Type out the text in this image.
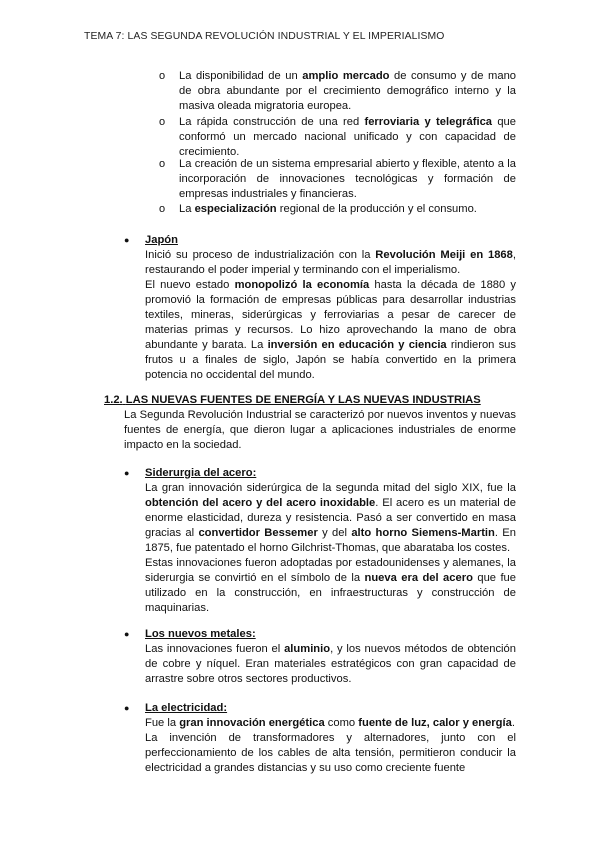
TEMA 7: LAS SEGUNDA REVOLUCIÓN INDUSTRIAL Y EL IMPERIALISMO
o	La disponibilidad de un amplio mercado de consumo y de mano de obra abundante por el crecimiento demográfico interno y la masiva oleada migratoria europea.

o	La rápida construcción de una red ferroviaria y telegráfica que conformó un mercado nacional unificado y con capacidad de crecimiento.

o	La creación de un sistema empresarial abierto y flexible, atento a la incorporación de innovaciones tecnológicas y formación de empresas industriales y financieras.

o	La especialización regional de la producción y el consumo.

●	Japón

Inició su proceso de industrialización con la Revolución Meiji en 1868, restaurando el poder imperial y terminando con el imperialismo.

El nuevo estado monopolizó la economía hasta la década de 1880 y promovió la formación de empresas públicas para desarrollar industrias textiles, mineras, siderúrgicas y ferroviarias a pesar de carecer de materias primas y recursos. Lo hizo aprovechando la mano de obra abundante y barata. La inversión en educación y ciencia rindieron sus frutos u a finales de siglo, Japón se había convertido en la primera potencia no occidental del mundo.

1.2. LAS NUEVAS FUENTES DE ENERGÍA Y LAS NUEVAS INDUSTRIAS

La Segunda Revolución Industrial se caracterizó por nuevos inventos y nuevas fuentes de energía, que dieron lugar a aplicaciones industriales de enorme impacto en la sociedad.

●	Siderurgia del acero:

La gran innovación siderúrgica de la segunda mitad del siglo XIX, fue la obtención del acero y del acero inoxidable. El acero es un material de enorme elasticidad, dureza y resistencia. Pasó a ser convertido en masa gracias al convertidor Bessemer y del alto horno Siemens-Martin. En 1875, fue patentado el horno Gilchrist-Thomas, que abarataba los costes.

Estas innovaciones fueron adoptadas por estadounidenses y alemanes, la siderurgia se convirtió en el símbolo de la nueva era del acero que fue utilizado en la construcción, en infraestructuras y construcción de maquinarias.

●	Los nuevos metales:

Las innovaciones fueron el aluminio, y los nuevos métodos de obtención de cobre y níquel. Eran materiales estratégicos con gran capacidad de arrastre sobre otros sectores productivos.

●	La electricidad:

Fue la gran innovación energética como fuente de luz, calor y energía.

La invención de transformadores y alternadores, junto con el perfeccionamiento de los cables de alta tensión, permitieron conducir la electricidad a grandes distancias y su uso como creciente fuente
